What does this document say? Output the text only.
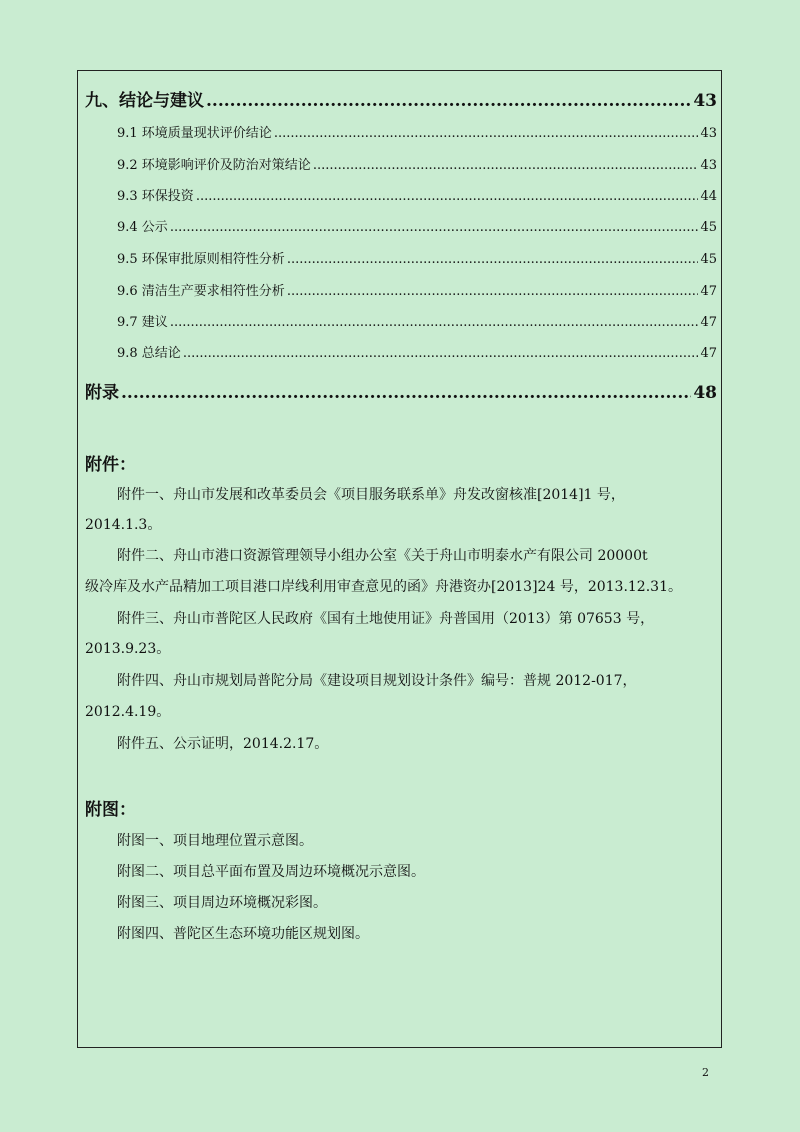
九、结论与建议 .....	43
9.1 环境质量现状评价结论 .....	43
9.2 环境影响评价及防治对策结论 .....	43
9.3 环保投资 .....	44
9.4 公示 .....	45
9.5 环保审批原则相符性分析 .....	45
9.6 清洁生产要求相符性分析 .....	47
9.7 建议 .....	47
9.8 总结论 .....	47
附录 .....	48
附件：
附件一、舟山市发展和改革委员会《项目服务联系单》舟发改窗核准[2014]1 号，
2014.1.3。
附件二、舟山市港口资源管理领导小组办公室《关于舟山市明泰水产有限公司 20000t
级冷库及水产品精加工项目港口岸线利用审查意见的函》舟港资办[2013]24 号，2013.12.31。
附件三、舟山市普陀区人民政府《国有土地使用证》舟普国用（2013）第 07653 号，
2013.9.23。
附件四、舟山市规划局普陀分局《建设项目规划设计条件》编号：普规 2012-017，
2012.4.19。
附件五、公示证明，2014.2.17。
附图：
附图一、项目地理位置示意图。
附图二、项目总平面布置及周边环境概况示意图。
附图三、项目周边环境概况彩图。
附图四、普陀区生态环境功能区规划图。
2
